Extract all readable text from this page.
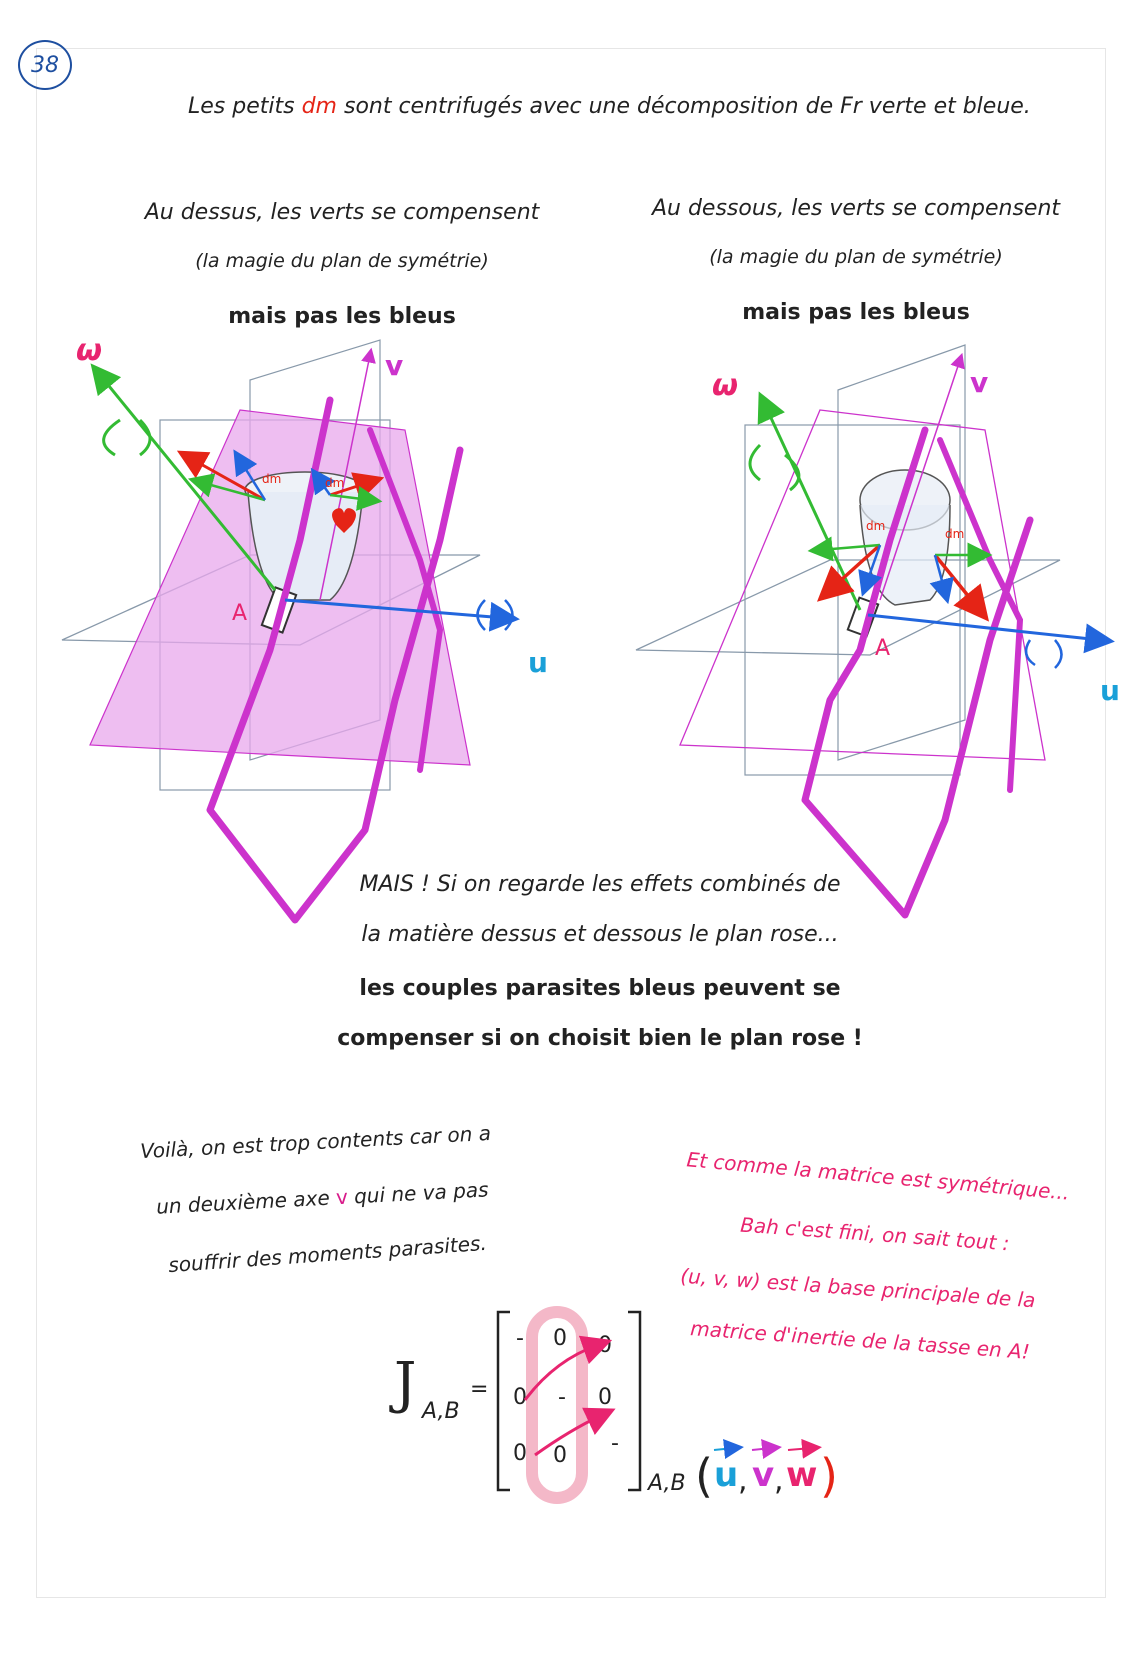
38
Les petits dm sont centrifugés avec une décomposition de Fr verte et bleue.
Au dessus, les verts se compensent
(la magie du plan de symétrie)
mais pas les bleus
Au dessous, les verts se compensent
(la magie du plan de symétrie)
mais pas les bleus
ω	v
u
A
dm	dm
ω	v
u
A
dm
dm
MAIS ! Si on regarde les effets combinés de
la matière dessus et dessous le plan rose...
les couples parasites bleus peuvent se
compenser si on choisit bien le plan rose !
Voilà, on est trop contents car on a
un deuxième axe v qui ne va pas
souffrir des moments parasites.
Et comme la matrice est symétrique...
Bah c'est fini, on sait tout :
(u, v, w) est la base principale de la
matrice d'inertie de la tasse en A!
J A,B
=
- 0 0
0 - 0
0 0 -
A,B ( u , v , w )
